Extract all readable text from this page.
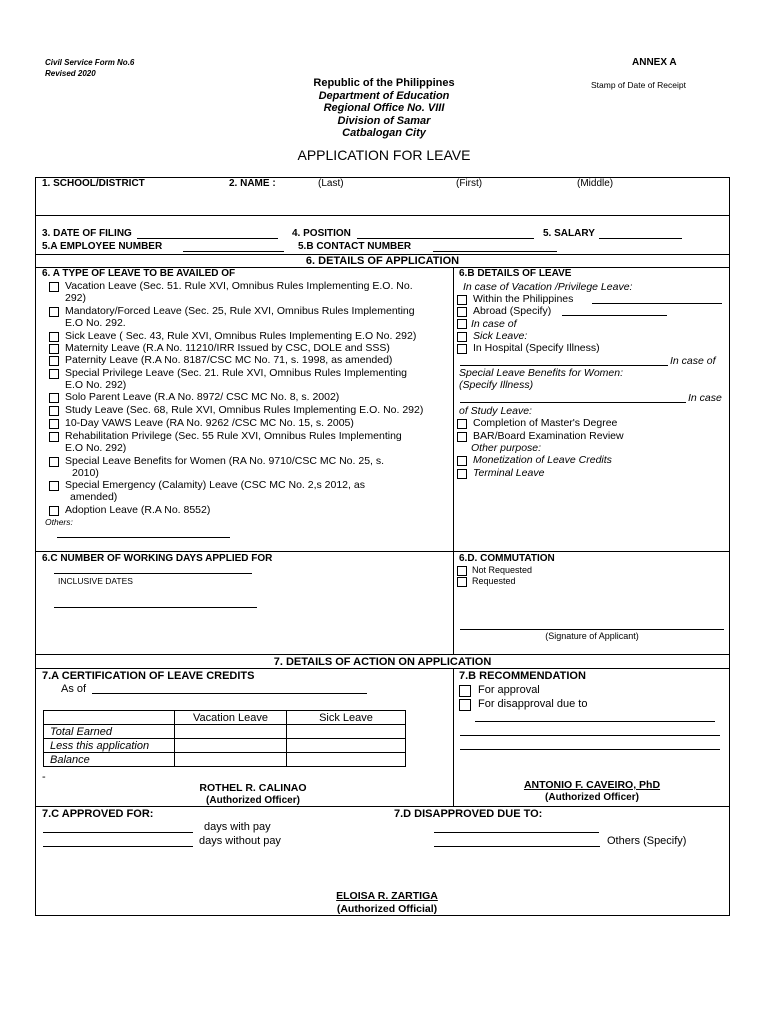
Civil Service Form No.6
Revised 2020
ANNEX A
Stamp of Date of Receipt
Republic of the Philippines
Department of Education
Regional Office No. VIII
Division of Samar
Catbalogan City
APPLICATION FOR LEAVE
1. SCHOOL/DISTRICT	2. NAME :	(Last)	(First)	(Middle)
3. DATE OF FILING	4. POSITION	5. SALARY
5.A EMPLOYEE NUMBER	5.B CONTACT NUMBER
6. DETAILS OF APPLICATION
6. A TYPE OF LEAVE TO BE AVAILED OF
Vacation Leave (Sec. 51. Rule XVI, Omnibus Rules Implementing E.O. No.
292)
Mandatory/Forced Leave (Sec. 25, Rule XVI, Omnibus Rules Implementing
E.O No. 292.
Sick Leave ( Sec. 43, Rule XVI, Omnibus Rules Implementing E.O No. 292)
Maternity Leave (R.A No. 11210/IRR Issued by CSC, DOLE and SSS)
Paternity Leave (R.A No. 8187/CSC MC No. 71, s. 1998, as amended)
Special Privilege Leave (Sec. 21. Rule XVI, Omnibus Rules Implementing
E.O No. 292)
Solo Parent Leave (R.A No. 8972/ CSC MC No. 8, s. 2002)
Study Leave (Sec. 68, Rule XVI, Omnibus Rules Implementing E.O. No. 292)
10-Day VAWS Leave (RA No. 9262 /CSC MC No. 15, s. 2005)
Rehabilitation Privilege (Sec. 55 Rule XVI, Omnibus Rules Implementing
E.O No. 292)
Special Leave Benefits for Women (RA No. 9710/CSC MC No. 25, s.
2010)
Special Emergency (Calamity) Leave (CSC MC No. 2,s 2012, as
amended)
Adoption Leave (R.A No. 8552)
Others:
6.B DETAILS OF LEAVE
In case of Vacation /Privilege Leave:
Within the Philippines
Abroad (Specify)
In case of
Sick Leave:
In Hospital (Specify Illness)
In case of
Special Leave Benefits for Women:
(Specify Illness)
In case
of Study Leave:
Completion of Master's Degree
BAR/Board Examination Review
Other purpose:
Monetization of Leave Credits
Terminal Leave
6.C NUMBER OF WORKING DAYS APPLIED FOR
INCLUSIVE DATES
6.D. COMMUTATION
Not Requested
Requested
(Signature of Applicant)
7. DETAILS OF ACTION ON APPLICATION
7.A CERTIFICATION OF LEAVE CREDITS
As of
	Vacation Leave	Sick Leave
Total Earned		
Less this application		
Balance		
-
ROTHEL R. CALINAO
(Authorized Officer)
7.B RECOMMENDATION
For approval
For disapproval due to
ANTONIO F. CAVEIRO, PhD
(Authorized Officer)
7.C APPROVED FOR:
days with pay
days without pay
7.D DISAPPROVED DUE TO:
Others (Specify)
ELOISA R. ZARTIGA
(Authorized Official)
